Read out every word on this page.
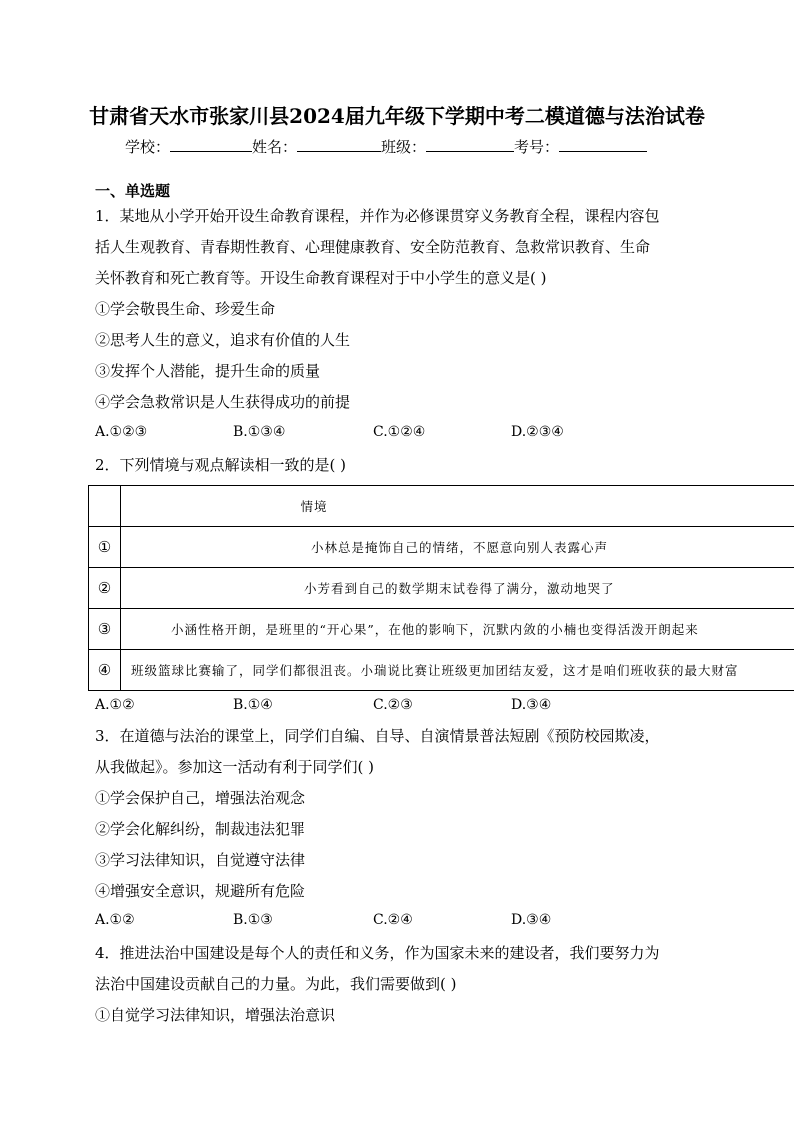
甘肃省天水市张家川县2024届九年级下学期中考二模道德与法治试卷
学校：	姓名：	班级：	考号：
一、单选题
1．某地从小学开始开设生命教育课程，并作为必修课贯穿义务教育全程，课程内容包
括人生观教育、青春期性教育、心理健康教育、安全防范教育、急救常识教育、生命
关怀教育和死亡教育等。开设生命教育课程对于中小学生的意义是( )
①学会敬畏生命、珍爱生命
②思考人生的意义，追求有价值的人生
③发挥个人潜能，提升生命的质量
④学会急救常识是人生获得成功的前提
A.①②③	B.①③④	C.①②④	D.②③④
2．下列情境与观点解读相一致的是( )
	情境
①	小林总是掩饰自己的情绪，不愿意向别人表露心声
②	小芳看到自己的数学期末试卷得了满分，激动地哭了
③	小涵性格开朗，是班里的“开心果”，在他的影响下，沉默内敛的小楠也变得活泼开朗起来
④	班级篮球比赛输了，同学们都很沮丧。小瑞说比赛让班级更加团结友爱，这才是咱们班收获的最大财富
A.①②	B.①④	C.②③	D.③④
3．在道德与法治的课堂上，同学们自编、自导、自演情景普法短剧《预防校园欺凌，
从我做起》。参加这一活动有利于同学们( )
①学会保护自己，增强法治观念
②学会化解纠纷，制裁违法犯罪
③学习法律知识，自觉遵守法律
④增强安全意识，规避所有危险
A.①②	B.①③	C.②④	D.③④
4．推进法治中国建设是每个人的责任和义务，作为国家未来的建设者，我们要努力为
法治中国建设贡献自己的力量。为此，我们需要做到( )
①自觉学习法律知识，增强法治意识
